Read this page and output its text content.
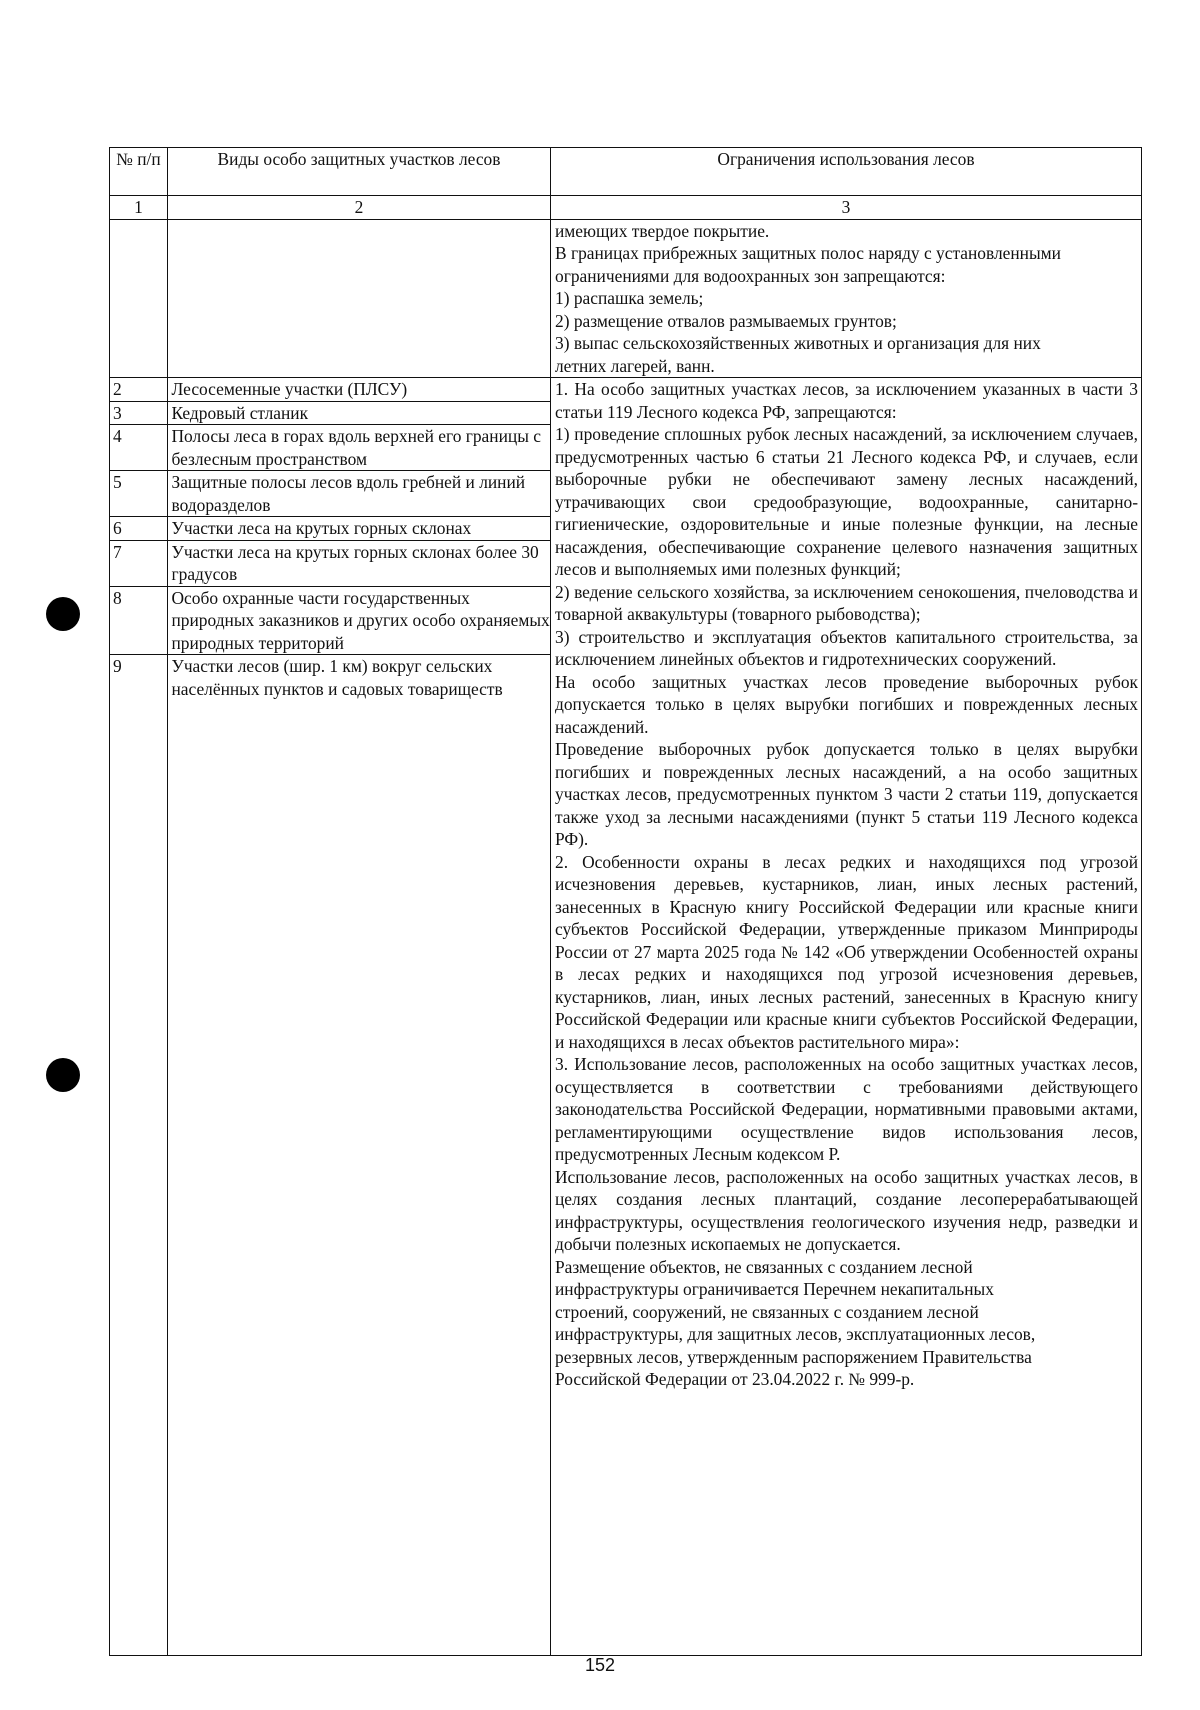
№ п/п	Виды особо защитных участков лесов	Ограничения использования лесов
1	2	3

имеющих твердое покрытие.
В границах прибрежных защитных полос наряду с установленными
ограничениями для водоохранных зон запрещаются:
1) распашка земель;
2) размещение отвалов размываемых грунтов;
3) выпас сельскохозяйственных животных и организация для них
летних лагерей, ванн.

2	Лесосеменные участки (ПЛСУ)
3	Кедровый стланик
4	Полосы леса в горах вдоль верхней его границы с безлесным пространством
5	Защитные полосы лесов вдоль гребней и линий водоразделов
6	Участки леса на крутых горных склонах
7	Участки леса на крутых горных склонах более 30 градусов
8	Особо охранные части государственных природных заказников и других особо охраняемых природных территорий
9	Участки лесов (шир. 1 км) вокруг сельских населённых пунктов и садовых товариществ

1. На особо защитных участках лесов, за исключением указанных в части 3 статьи 119 Лесного кодекса РФ, запрещаются:
1) проведение сплошных рубок лесных насаждений, за исключением случаев, предусмотренных частью 6 статьи 21 Лесного кодекса РФ, и случаев, если выборочные рубки не обеспечивают замену лесных насаждений, утрачивающих свои средообразующие, водоохранные, санитарно-гигиенические, оздоровительные и иные полезные функции, на лесные насаждения, обеспечивающие сохранение целевого назначения защитных лесов и выполняемых ими полезных функций;
2) ведение сельского хозяйства, за исключением сенокошения, пчеловодства и товарной аквакультуры (товарного рыбоводства);
3) строительство и эксплуатация объектов капитального строительства, за исключением линейных объектов и гидротехнических сооружений.
На особо защитных участках лесов проведение выборочных рубок допускается только в целях вырубки погибших и поврежденных лесных насаждений.
Проведение выборочных рубок допускается только в целях вырубки погибших и поврежденных лесных насаждений, а на особо защитных участках лесов, предусмотренных пунктом 3 части 2 статьи 119, допускается также уход за лесными насаждениями (пункт 5 статьи 119 Лесного кодекса РФ).
2. Особенности охраны в лесах редких и находящихся под угрозой исчезновения деревьев, кустарников, лиан, иных лесных растений, занесенных в Красную книгу Российской Федерации или красные книги субъектов Российской Федерации, утвержденные приказом Минприроды России от 27 марта 2025 года № 142 «Об утверждении Особенностей охраны в лесах редких и находящихся под угрозой исчезновения деревьев, кустарников, лиан, иных лесных растений, занесенных в Красную книгу Российской Федерации или красные книги субъектов Российской Федерации, и находящихся в лесах объектов растительного мира»:
3. Использование лесов, расположенных на особо защитных участках лесов, осуществляется в соответствии с требованиями действующего законодательства Российской Федерации, нормативными правовыми актами, регламентирующими осуществление видов использования лесов, предусмотренных Лесным кодексом Р.
Использование лесов, расположенных на особо защитных участках лесов, в целях создания лесных плантаций, создание лесоперерабатывающей инфраструктуры, осуществления геологического изучения недр, разведки и добычи полезных ископаемых не допускается.
Размещение объектов, не связанных с созданием лесной
инфраструктуры ограничивается Перечнем некапитальных
строений, сооружений, не связанных с созданием лесной
инфраструктуры, для защитных лесов, эксплуатационных лесов,
резервных лесов, утвержденным распоряжением Правительства
Российской Федерации от 23.04.2022 г. № 999-р.
152
